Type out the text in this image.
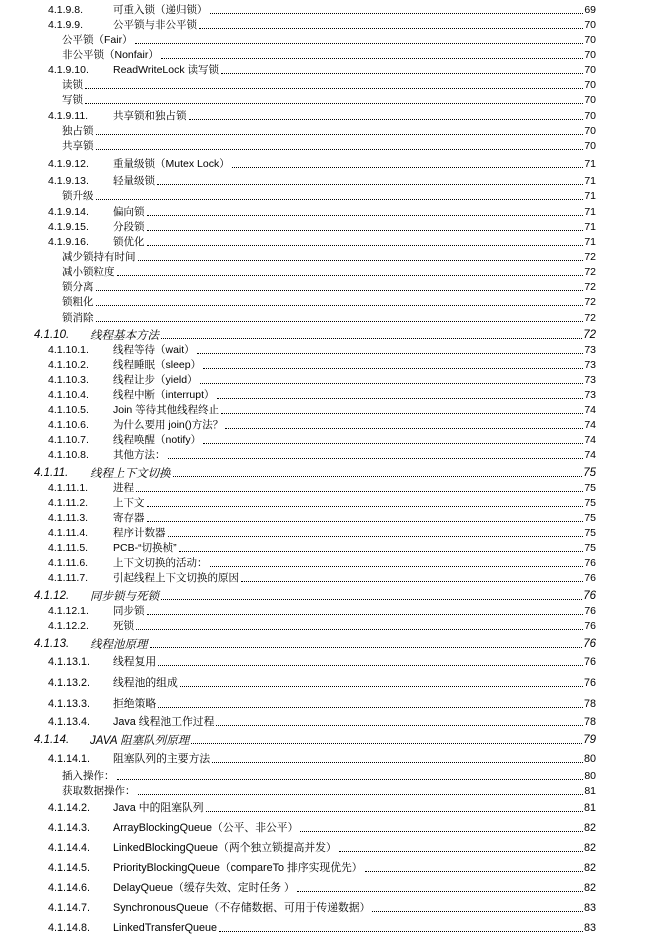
4.1.9.8.	可重入锁（递归锁）	69
4.1.9.9.	公平锁与非公平锁	70
公平锁（Fair）	70
非公平锁（Nonfair）	70
4.1.9.10. ReadWriteLock 读写锁	70
读锁	70
写锁	70
4.1.9.11. 共享锁和独占锁	70
独占锁	70
共享锁	70
4.1.9.12. 重量级锁（Mutex Lock）	71
4.1.9.13. 轻量级锁	71
锁升级	71
4.1.9.14. 偏向锁	71
4.1.9.15. 分段锁	71
4.1.9.16. 锁优化	71
减少锁持有时间	72
减小锁粒度	72
锁分离	72
锁粗化	72
锁消除	72
4.1.10. 线程基本方法	72
4.1.10.1. 线程等待（wait）	73
4.1.10.2. 线程睡眠（sleep）	73
4.1.10.3. 线程让步（yield）	73
4.1.10.4. 线程中断（interrupt）	73
4.1.10.5. Join 等待其他线程终止	74
4.1.10.6. 为什么要用 join()方法？	74
4.1.10.7. 线程唤醒（notify）	74
4.1.10.8. 其他方法：	74
4.1.11. 线程上下文切换	75
4.1.11.1. 进程	75
4.1.11.2. 上下文	75
4.1.11.3. 寄存器	75
4.1.11.4. 程序计数器	75
4.1.11.5. PCB-“切换桢”	75
4.1.11.6. 上下文切换的活动：	76
4.1.11.7. 引起线程上下文切换的原因	76
4.1.12. 同步锁与死锁	76
4.1.12.1. 同步锁	76
4.1.12.2. 死锁	76
4.1.13. 线程池原理	76
4.1.13.1. 线程复用	76
4.1.13.2. 线程池的组成	76
4.1.13.3. 拒绝策略	78
4.1.13.4. Java 线程池工作过程	78
4.1.14. JAVA 阻塞队列原理	79
4.1.14.1. 阻塞队列的主要方法	80
插入操作：	80
获取数据操作：	81
4.1.14.2. Java 中的阻塞队列	81
4.1.14.3. ArrayBlockingQueue（公平、非公平）	82
4.1.14.4. LinkedBlockingQueue（两个独立锁提高并发）	82
4.1.14.5. PriorityBlockingQueue（compareTo 排序实现优先）	82
4.1.14.6. DelayQueue（缓存失效、定时任务 ）	82
4.1.14.7. SynchronousQueue（不存储数据、可用于传递数据）	83
4.1.14.8. LinkedTransferQueue	83
